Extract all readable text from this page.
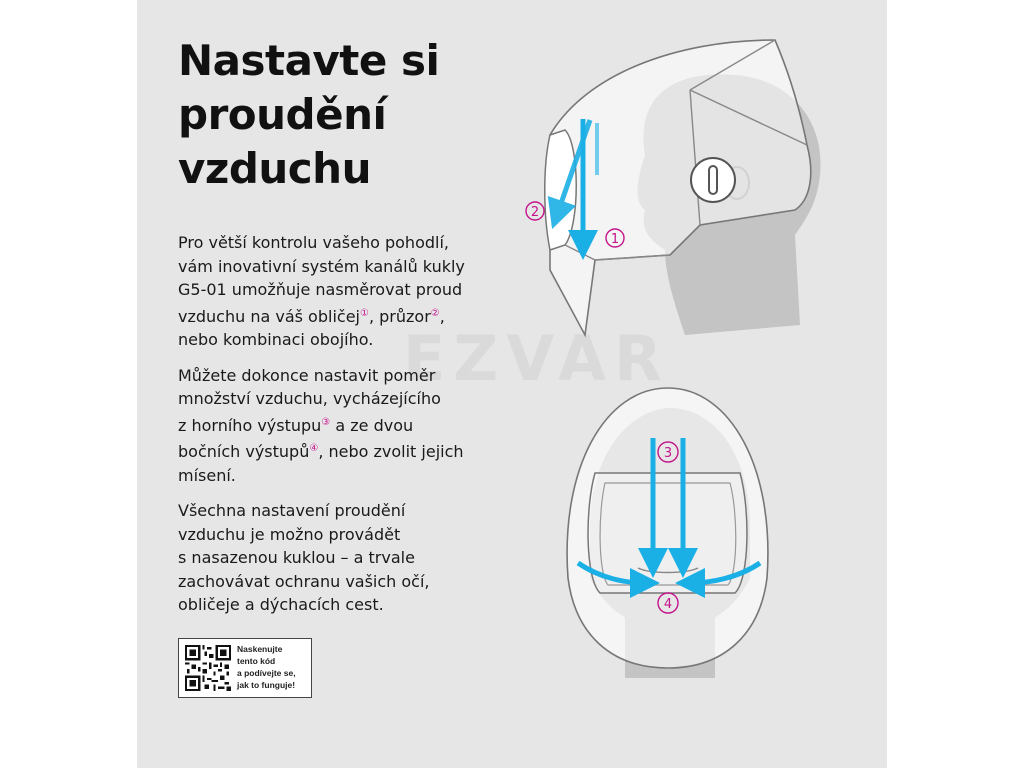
Nastavte si
proudění
vzduchu
EZVAR

Pro větší kontrolu vašeho pohodlí,
vám inovativní systém kanálů kukly
G5-01 umožňuje nasměrovat proud
vzduchu na váš obličej①, průzor②,
nebo kombinaci obojího.

Můžete dokonce nastavit poměr
množství vzduchu, vycházejícího
z horního výstupu③ a ze dvou
bočních výstupů④, nebo zvolit jejich
mísení.

Všechna nastavení proudění
vzduchu je možno provádět
s nasazenou kuklou – a trvale
zachovávat ochranu vašich očí,
obličeje a dýchacích cest.

Naskenujte
tento kód
a podívejte se,
jak to funguje!
1
2
3
4
